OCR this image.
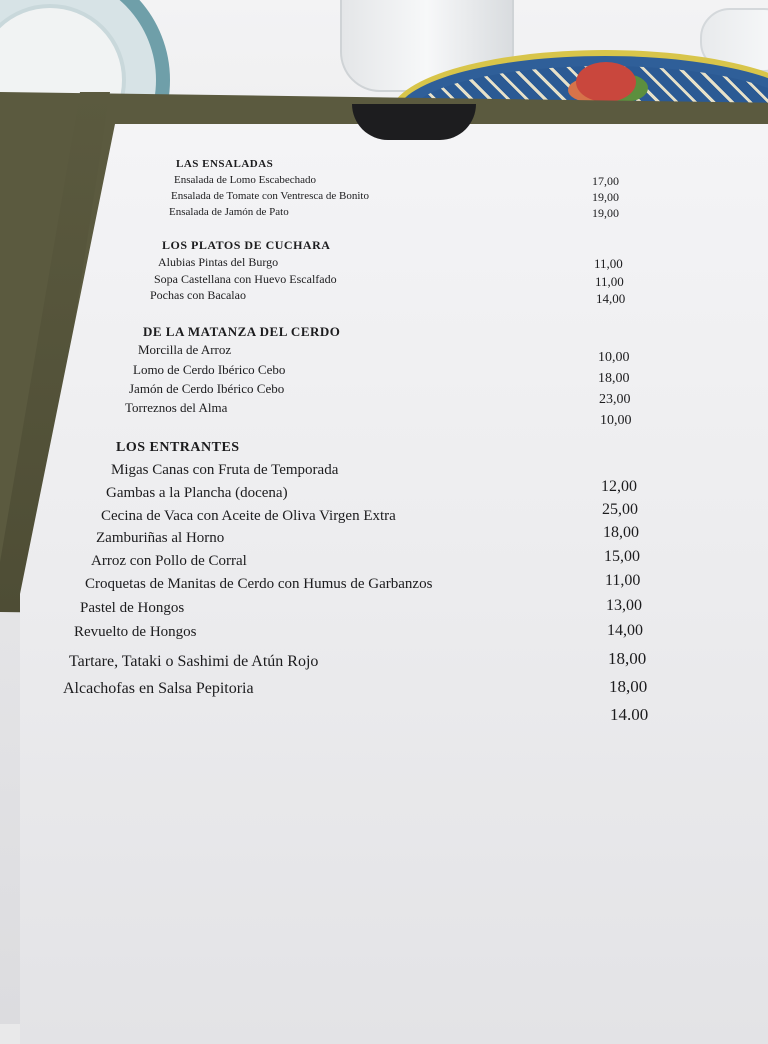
LAS ENSALADAS
Ensalada de Lomo Escabechado
Ensalada de Tomate con Ventresca de Bonito
Ensalada de Jamón de Pato
17,00
19,00
19,00
LOS PLATOS DE CUCHARA
Alubias Pintas del Burgo
Sopa Castellana con Huevo Escalfado
Pochas con Bacalao
11,00
11,00
14,00
DE LA MATANZA DEL CERDO
Morcilla de Arroz
Lomo de Cerdo Ibérico Cebo
Jamón de Cerdo Ibérico Cebo
Torreznos del Alma
10,00
18,00
23,00
10,00
LOS ENTRANTES
Migas Canas con Fruta de Temporada
Gambas a la Plancha (docena)
Cecina de Vaca con Aceite de Oliva Virgen Extra
Zamburiñas al Horno
Arroz con Pollo de Corral
Croquetas de Manitas de Cerdo con Humus de Garbanzos
Pastel de Hongos
Revuelto de Hongos
Tartare, Tataki o Sashimi de Atún Rojo
Alcachofas en Salsa Pepitoria
12,00
25,00
18,00
15,00
11,00
13,00
14,00
18,00
18,00
14.00
